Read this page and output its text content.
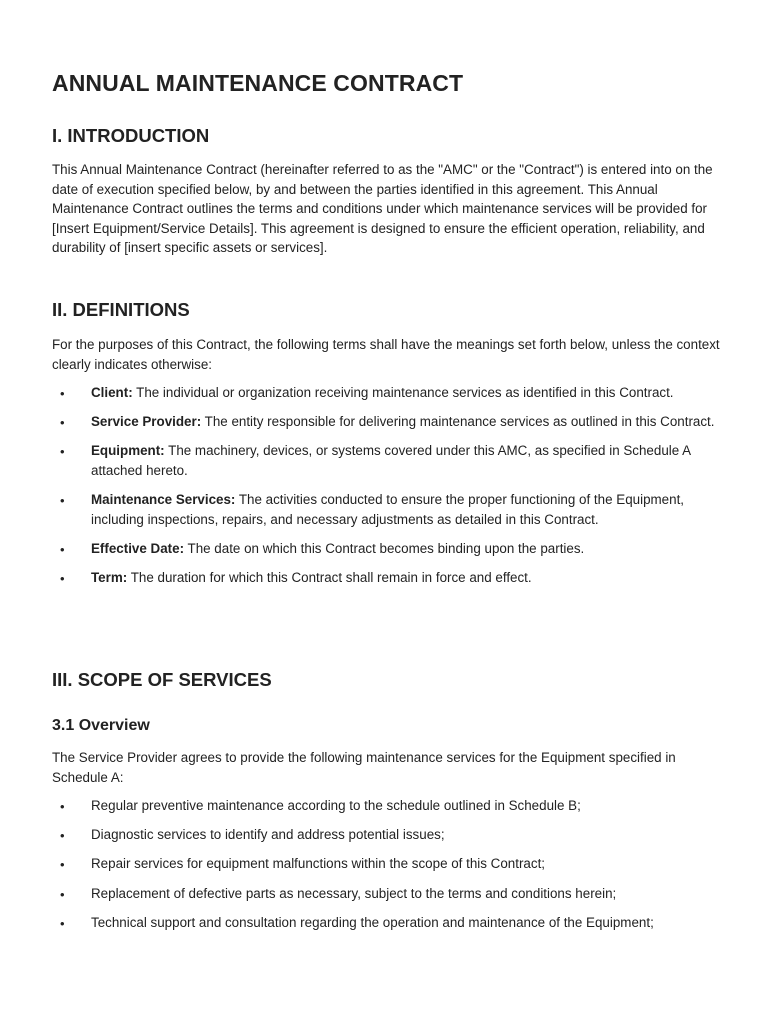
ANNUAL MAINTENANCE CONTRACT
I. INTRODUCTION

This Annual Maintenance Contract (hereinafter referred to as the "AMC" or the "Contract") is entered into on the date of execution specified below, by and between the parties identified in this agreement. This Annual Maintenance Contract outlines the terms and conditions under which maintenance services will be provided for [Insert Equipment/Service Details]. This agreement is designed to ensure the efficient operation, reliability, and durability of [insert specific assets or services].

II. DEFINITIONS

For the purposes of this Contract, the following terms shall have the meanings set forth below, unless the context clearly indicates otherwise:

• Client: The individual or organization receiving maintenance services as identified in this Contract.
• Service Provider: The entity responsible for delivering maintenance services as outlined in this Contract.
• Equipment: The machinery, devices, or systems covered under this AMC, as specified in Schedule A attached hereto.
• Maintenance Services: The activities conducted to ensure the proper functioning of the Equipment, including inspections, repairs, and necessary adjustments as detailed in this Contract.
• Effective Date: The date on which this Contract becomes binding upon the parties.
• Term: The duration for which this Contract shall remain in force and effect.
III. SCOPE OF SERVICES
3.1 Overview

The Service Provider agrees to provide the following maintenance services for the Equipment specified in Schedule A:

• Regular preventive maintenance according to the schedule outlined in Schedule B;
• Diagnostic services to identify and address potential issues;
• Repair services for equipment malfunctions within the scope of this Contract;
• Replacement of defective parts as necessary, subject to the terms and conditions herein;
• Technical support and consultation regarding the operation and maintenance of the Equipment;
